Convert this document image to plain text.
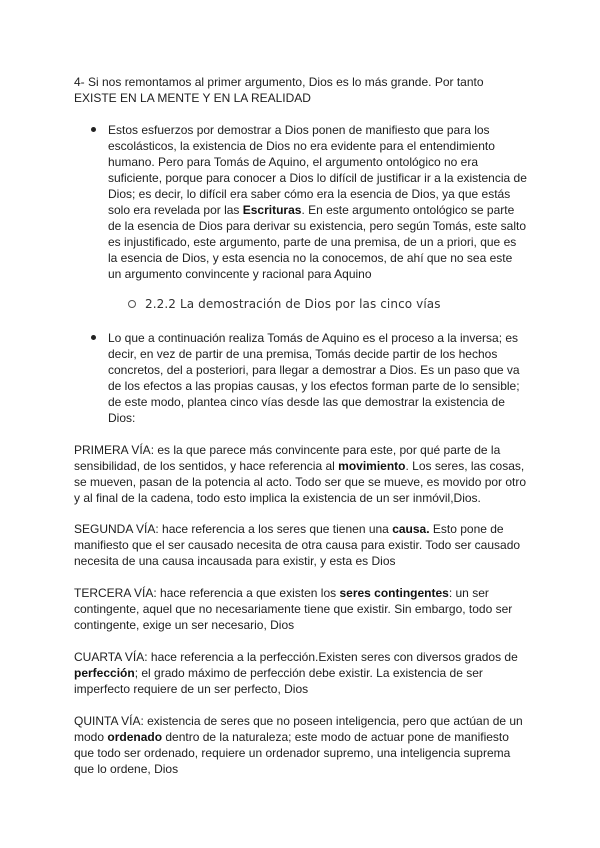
4- Si nos remontamos al primer argumento, Dios es lo más grande. Por tanto
EXISTE EN LA MENTE Y EN LA REALIDAD
Estos esfuerzos por demostrar a Dios ponen de manifiesto que para los escolásticos, la existencia de Dios no era evidente para el entendimiento humano. Pero para Tomás de Aquino, el argumento ontológico no era suficiente, porque para conocer a Dios lo difícil de justificar ir a la existencia de Dios; es decir, lo difícil era saber cómo era la esencia de Dios, ya que estás solo era revelada por las Escrituras. En este argumento ontológico se parte de la esencia de Dios para derivar su existencia, pero según Tomás, este salto es injustificado, este argumento, parte de una premisa, de un a priori, que es la esencia de Dios, y esta esencia no la conocemos, de ahí que no sea este un argumento convincente y racional para Aquino
2.2.2 La demostración de Dios por las cinco vías
Lo que a continuación realiza Tomás de Aquino es el proceso a la inversa; es decir, en vez de partir de una premisa, Tomás decide partir de los hechos concretos, del a posteriori, para llegar a demostrar a Dios. Es un paso que va de los efectos a las propias causas, y los efectos forman parte de lo sensible; de este modo, plantea cinco vías desde las que demostrar la existencia de Dios:
PRIMERA VÍA: es la que parece más convincente para este, por qué parte de la sensibilidad, de los sentidos, y hace referencia al movimiento. Los seres, las cosas, se mueven, pasan de la potencia al acto. Todo ser que se mueve, es movido por otro y al final de la cadena, todo esto implica la existencia de un ser inmóvil,Dios.
SEGUNDA VÍA: hace referencia a los seres que tienen una causa. Esto pone de manifiesto que el ser causado necesita de otra causa para existir. Todo ser causado necesita de una causa incausada para existir, y esta es Dios
TERCERA VÍA: hace referencia a que existen los seres contingentes: un ser contingente, aquel que no necesariamente tiene que existir. Sin embargo, todo ser contingente, exige un ser necesario, Dios
CUARTA VÍA: hace referencia a la perfección.Existen seres con diversos grados de perfección; el grado máximo de perfección debe existir. La existencia de ser imperfecto requiere de un ser perfecto, Dios
QUINTA VÍA: existencia de seres que no poseen inteligencia, pero que actúan de un modo ordenado dentro de la naturaleza; este modo de actuar pone de manifiesto que todo ser ordenado, requiere un ordenador supremo, una inteligencia suprema que lo ordene, Dios
